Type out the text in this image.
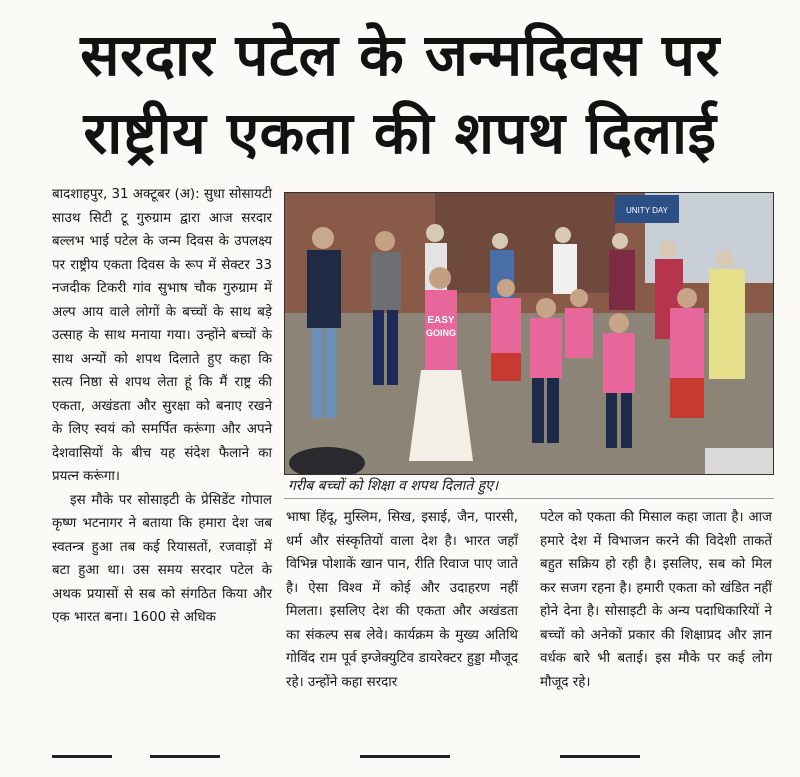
सरदार पटेल के जन्मदिवस पर
राष्ट्रीय एकता की शपथ दिलाई

बादशाहपुर, 31 अक्टूबर (अ): सुधा सोसायटी साउथ सिटी टू गुरुग्राम द्वारा आज सरदार बल्लभ भाई पटेल के जन्म दिवस के उपलक्ष्य पर राष्ट्रीय एकता दिवस के रूप में सेक्टर 33 नजदीक टिकरी गांव सुभाष चौक गुरुग्राम में अल्प आय वाले लोगों के बच्चों के साथ बड़े उत्साह के साथ मनाया गया। उन्होंने बच्चों के साथ अन्यों को शपथ दिलाते हुए कहा कि सत्य निष्ठा से शपथ लेता हूं कि मैं राष्ट्र की एकता, अखंडता और सुरक्षा को बनाए रखने के लिए स्वयं को समर्पित करूंगा और अपने देशवासियों के बीच यह संदेश फैलाने का प्रयत्न करूंगा।

इस मौके पर सोसाइटी के प्रेसिडेंट गोपाल कृष्ण भटनागर ने बताया कि हमारा देश जब स्वतन्त्र हुआ तब कई रियासतों, रजवाड़ों में बटा हुआ था। उस समय सरदार पटेल के अथक प्रयासों से सब को संगठित किया और एक भारत बना। 1600 से अधिक

UNITY DAY
EASY
GOING
गरीब बच्चों को शिक्षा व शपथ दिलाते हुए।
भाषा हिंदू, मुस्लिम, सिख, इसाई, जैन, पारसी, धर्म और संस्कृतियों वाला देश है। भारत जहाँ विभिन्न पोशाकें खान पान, रीति रिवाज पाए जाते है। ऐसा विश्व में कोई और उदाहरण नहीं मिलता। इसलिए देश की एकता और अखंडता का संकल्प सब लेवे। कार्यक्रम के मुख्य अतिथि गोविंद राम पूर्व इग्जेक्युटिव डायरेक्टर हुड्डा मौजूद रहे। उन्होंने कहा सरदार
पटेल को एकता की मिसाल कहा जाता है। आज हमारे देश में विभाजन करने की विदेशी ताकतें बहुत सक्रिय हो रही है। इसलिए, सब को मिल कर सजग रहना है। हमारी एकता को खंडित नहीं होने देना है। सोसाइटी के अन्य पदाधिकारियों ने बच्चों को अनेकों प्रकार की शिक्षाप्रद और ज्ञान वर्धक बारे भी बताई। इस मौके पर कई लोग मौजूद रहे।
